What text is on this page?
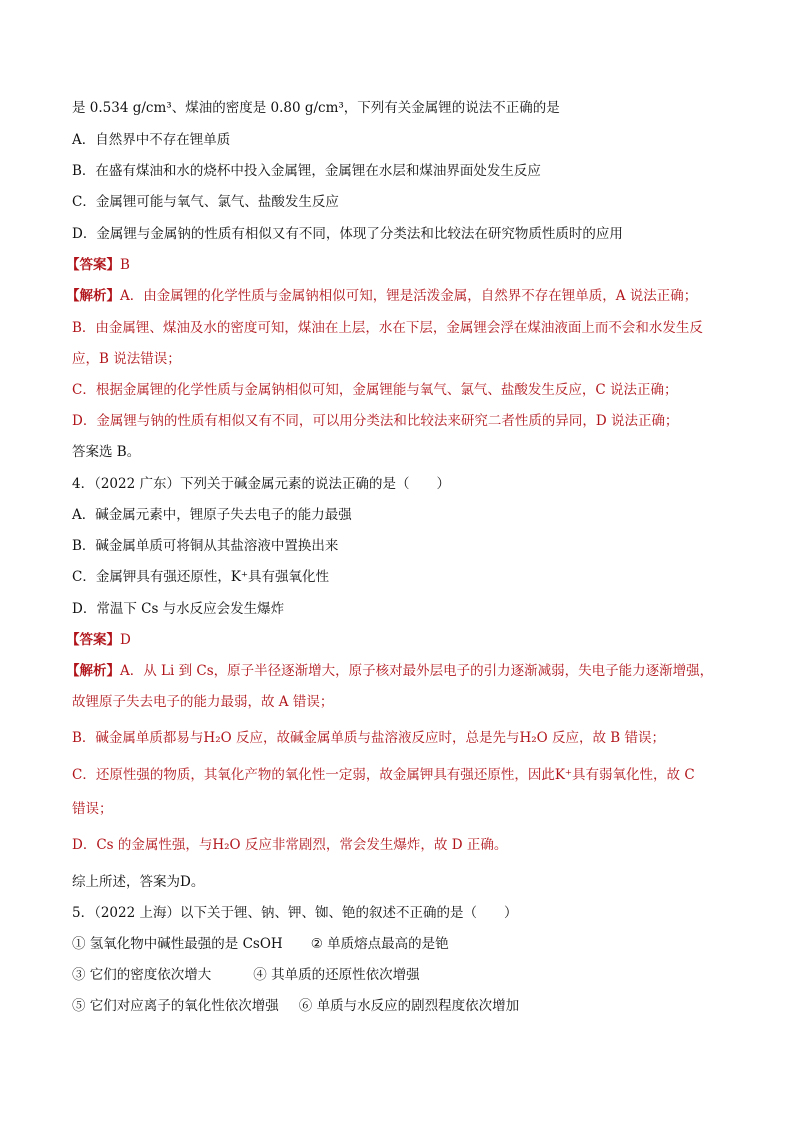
是 0.534 g/cm³、煤油的密度是 0.80 g/cm³，下列有关金属锂的说法不正确的是
A．自然界中不存在锂单质
B．在盛有煤油和水的烧杯中投入金属锂，金属锂在水层和煤油界面处发生反应
C．金属锂可能与氧气、氯气、盐酸发生反应
D．金属锂与金属钠的性质有相似又有不同，体现了分类法和比较法在研究物质性质时的应用
【答案】B
【解析】A．由金属锂的化学性质与金属钠相似可知，锂是活泼金属，自然界不存在锂单质，A 说法正确；
B．由金属锂、煤油及水的密度可知，煤油在上层，水在下层，金属锂会浮在煤油液面上而不会和水发生反
应，B 说法错误；
C．根据金属锂的化学性质与金属钠相似可知，金属锂能与氧气、氯气、盐酸发生反应，C 说法正确；
D．金属锂与钠的性质有相似又有不同，可以用分类法和比较法来研究二者性质的异同，D 说法正确；
答案选 B。
4．（2022 广东）下列关于碱金属元素的说法正确的是（　　）
A．碱金属元素中，锂原子失去电子的能力最强
B．碱金属单质可将铜从其盐溶液中置换出来
C．金属钾具有强还原性，K⁺具有强氧化性
D．常温下 Cs 与水反应会发生爆炸
【答案】D
【解析】A．从 Li 到 Cs，原子半径逐渐增大，原子核对最外层电子的引力逐渐减弱，失电子能力逐渐增强，
故锂原子失去电子的能力最弱，故 A 错误；
B．碱金属单质都易与H₂O 反应，故碱金属单质与盐溶液反应时，总是先与H₂O 反应，故 B 错误；
C．还原性强的物质，其氧化产物的氧化性一定弱，故金属钾具有强还原性，因此K⁺具有弱氧化性，故 C
错误；
D．Cs 的金属性强，与H₂O 反应非常剧烈，常会发生爆炸，故 D 正确。
综上所述，答案为D。
5．（2022 上海）以下关于锂、钠、钾、铷、铯的叙述不正确的是（　　）
① 氢氧化物中碱性最强的是 CsOH ② 单质熔点最高的是铯
③ 它们的密度依次增大	④ 其单质的还原性依次增强
⑤ 它们对应离子的氧化性依次增强 ⑥ 单质与水反应的剧烈程度依次增加
